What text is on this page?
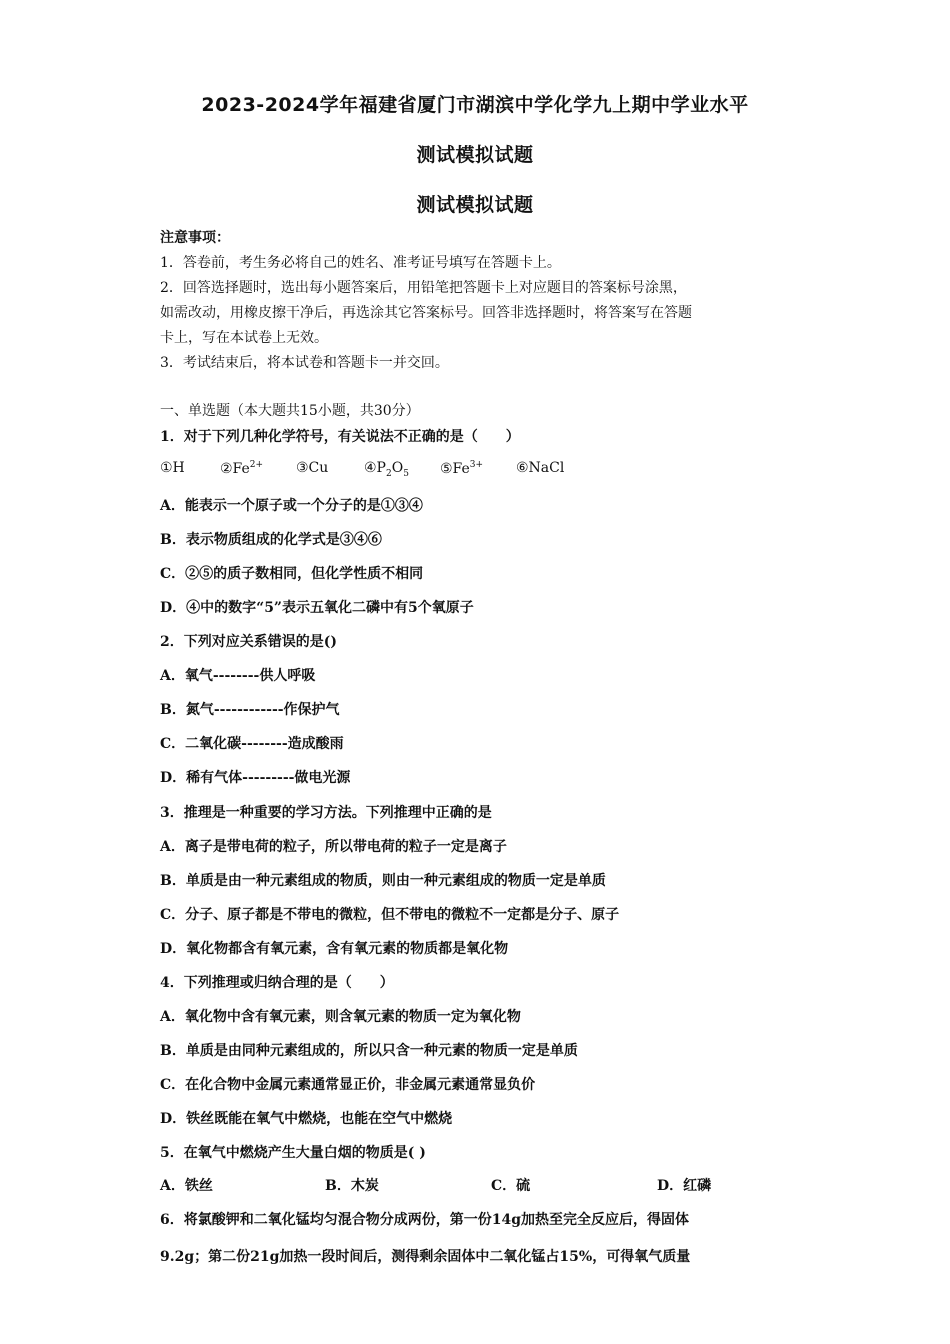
2023-2024学年福建省厦门市湖滨中学化学九上期中学业水平
测试模拟试题
测试模拟试题
注意事项：
1．答卷前，考生务必将自己的姓名、准考证号填写在答题卡上。
2．回答选择题时，选出每小题答案后，用铅笔把答题卡上对应题目的答案标号涂黑，
如需改动，用橡皮擦干净后，再选涂其它答案标号。回答非选择题时，将答案写在答题
卡上，写在本试卷上无效。
3．考试结束后，将本试卷和答题卡一并交回。
一、单选题（本大题共15小题，共30分）
1．对于下列几种化学符号，有关说法不正确的是（　　）
①H	$②Fe^{2+}$	③Cu	$④P_2O_5$	$⑤Fe^{3+}$	⑥NaCl
A．能表示一个原子或一个分子的是①③④
B．表示物质组成的化学式是③④⑥
C．②⑤的质子数相同，但化学性质不相同
D．④中的数字“5”表示五氧化二磷中有5个氧原子
2．下列对应关系错误的是()
A．氧气--------供人呼吸
B．氮气------------作保护气
C．二氧化碳--------造成酸雨
D．稀有气体---------做电光源
3．推理是一种重要的学习方法。下列推理中正确的是
A．离子是带电荷的粒子，所以带电荷的粒子一定是离子
B．单质是由一种元素组成的物质，则由一种元素组成的物质一定是单质
C．分子、原子都是不带电的微粒，但不带电的微粒不一定都是分子、原子
D．氧化物都含有氧元素，含有氧元素的物质都是氧化物
4．下列推理或归纳合理的是（　　）
A．氧化物中含有氧元素，则含氧元素的物质一定为氧化物
B．单质是由同种元素组成的，所以只含一种元素的物质一定是单质
C．在化合物中金属元素通常显正价，非金属元素通常显负价
D．铁丝既能在氧气中燃烧，也能在空气中燃烧
5．在氧气中燃烧产生大量白烟的物质是( )
A．铁丝	B．木炭	C．硫	D．红磷
6．将氯酸钾和二氧化锰均匀混合物分成两份，第一份14g加热至完全反应后，得固体
9.2g；第二份21g加热一段时间后，测得剩余固体中二氧化锰占15%，可得氧气质量
